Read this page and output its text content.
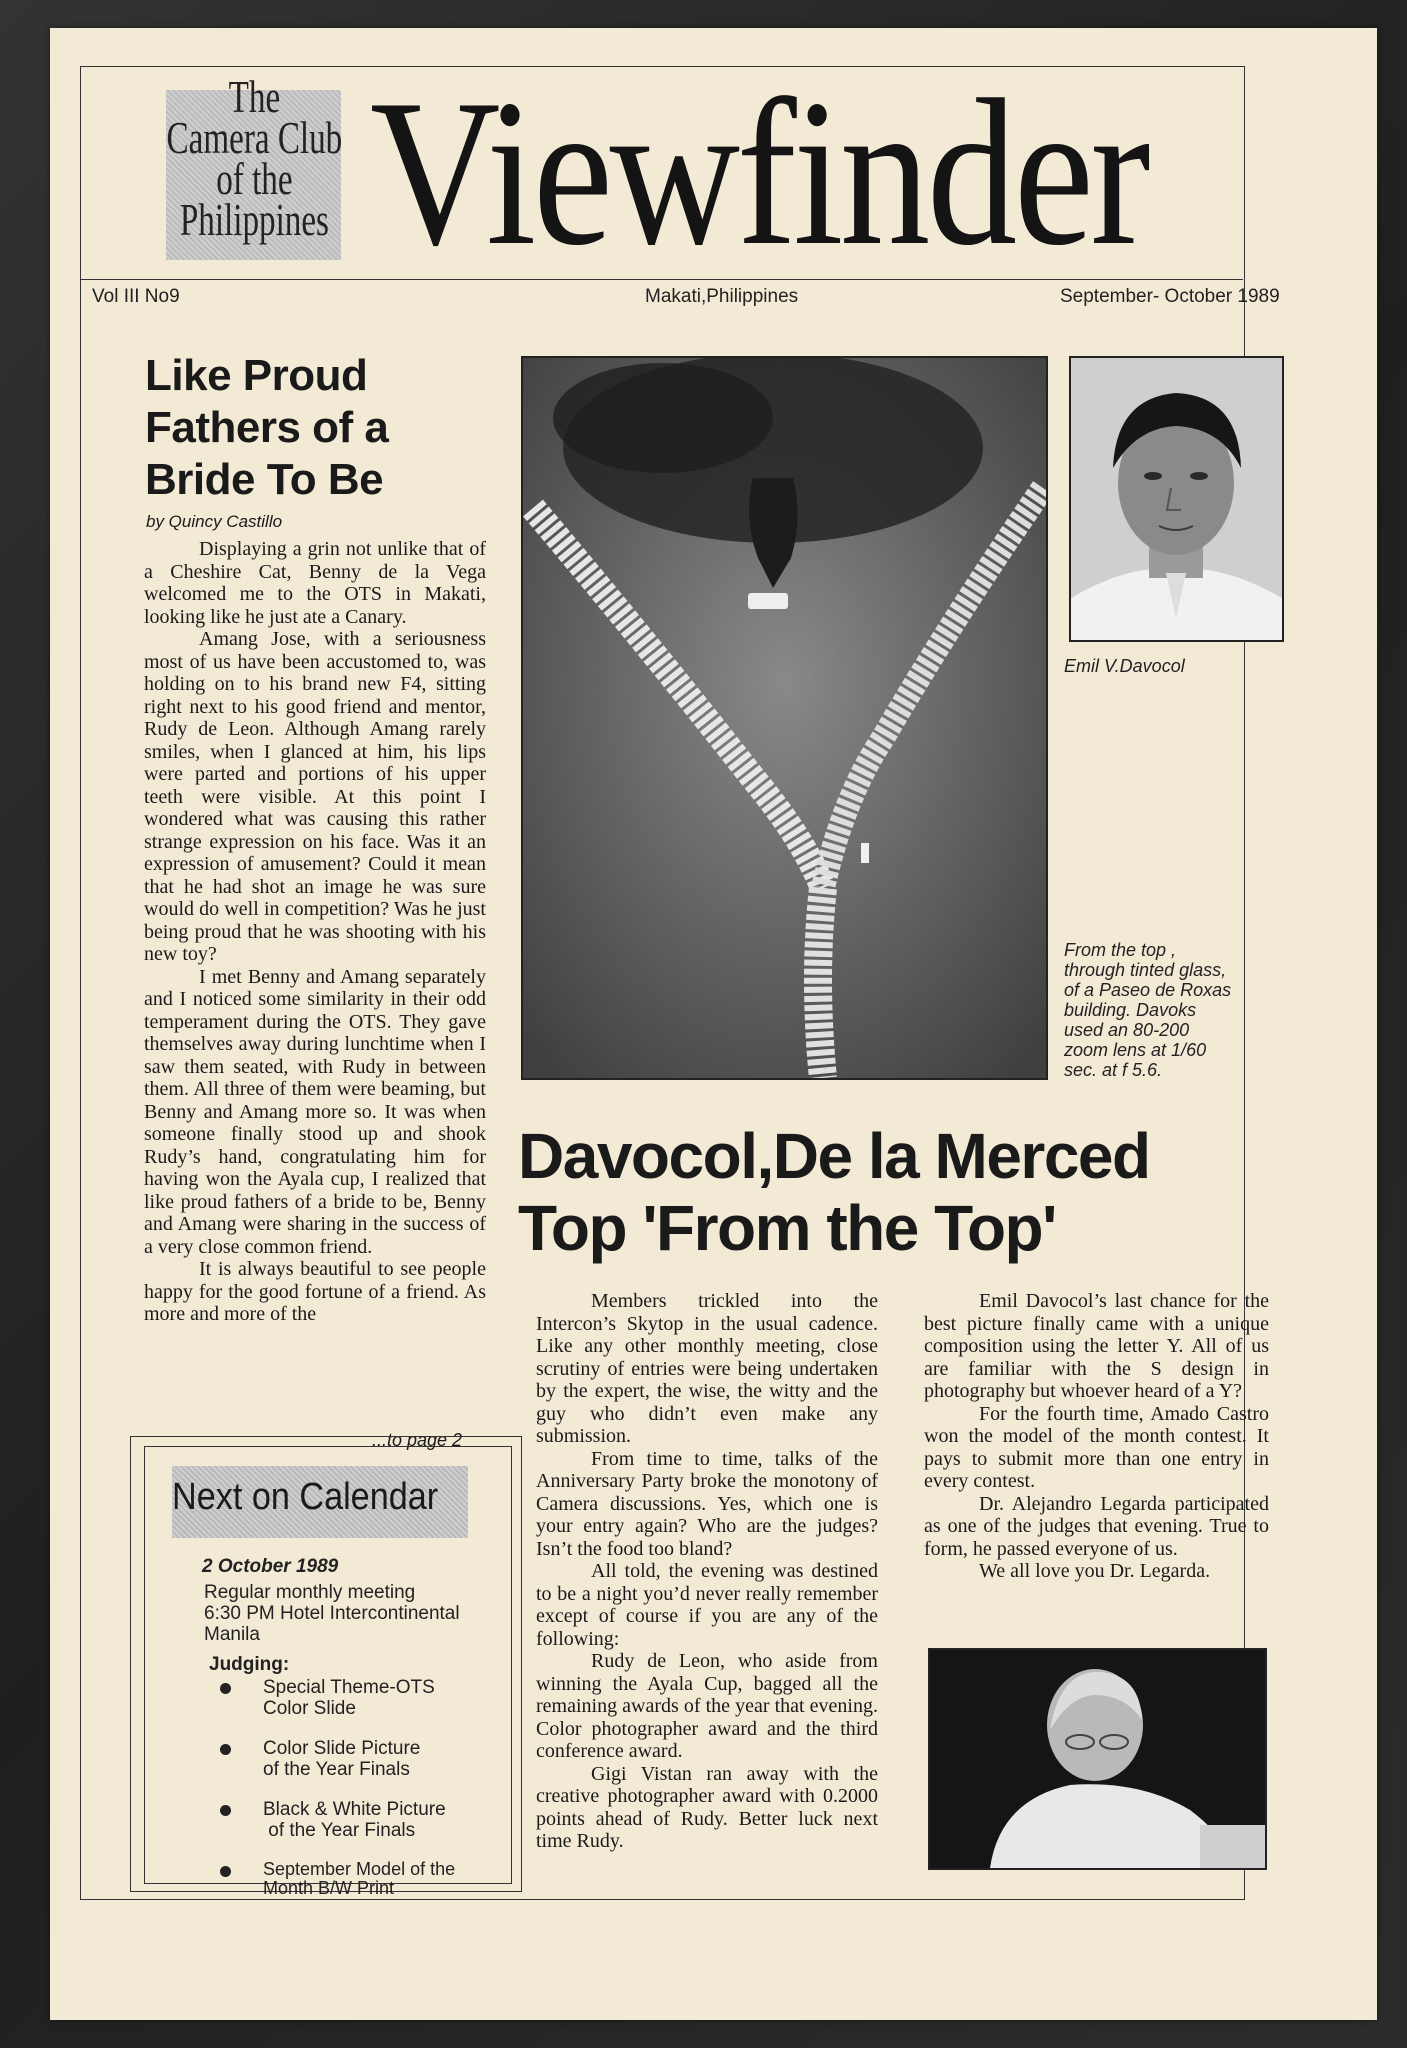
The
Camera Club
of the
Philippines Viewfinder
Vol III No9	Makati,Philippines	September- October 1989
Like Proud
Fathers of a
Bride To Be
by Quincy Castillo

Displaying a grin not unlike that of a Cheshire Cat, Benny de la Vega welcomed me to the OTS in Makati, looking like he just ate a Canary.

Amang Jose, with a seriousness most of us have been accustomed to, was holding on to his brand new F4, sitting right next to his good friend and mentor, Rudy de Leon. Although Amang rarely smiles, when I glanced at him, his lips were parted and portions of his upper teeth were visible. At this point I wondered what was causing this rather strange expression on his face. Was it an expression of amusement? Could it mean that he had shot an image he was sure would do well in competition? Was he just being proud that he was shooting with his new toy?

I met Benny and Amang separately and I noticed some similarity in their odd temperament during the OTS. They gave themselves away during lunchtime when I saw them seated, with Rudy in between them. All three of them were beaming, but Benny and Amang more so. It was when someone finally stood up and shook Rudy’s hand, congratulating him for having won the Ayala cup, I realized that like proud fathers of a bride to be, Benny and Amang were sharing in the success of a very close common friend.

It is always beautiful to see people happy for the good fortune of a friend. As more and more of the

...to page 2
Emil V.Davocol
From the top , through tinted glass, of a Paseo de Roxas building. Davoks used an 80-200 zoom lens at 1/60 sec. at f 5.6.
Davocol,De la Merced
Top 'From the Top'

Members trickled into the Intercon’s Skytop in the usual cadence. Like any other monthly meeting, close scrutiny of entries were being undertaken by the expert, the wise, the witty and the guy who didn’t even make any submission.

From time to time, talks of the Anniversary Party broke the monotony of Camera discussions. Yes, which one is your entry again? Who are the judges? Isn’t the food too bland?

All told, the evening was destined to be a night you’d never really remember except of course if you are any of the following:

Rudy de Leon, who aside from winning the Ayala Cup, bagged all the remaining awards of the year that evening. Color photographer award and the third conference award.

Gigi Vistan ran away with the creative photographer award with 0.2000 points ahead of Rudy. Better luck next time Rudy.

Emil Davocol’s last chance for the best picture finally came with a unique composition using the letter Y. All of us are familiar with the S design in photography but whoever heard of a Y?

For the fourth time, Amado Castro won the model of the month contest. It pays to submit more than one entry in every contest.

Dr. Alejandro Legarda participated as one of the judges that evening. True to form, he passed everyone of us.

We all love you Dr. Legarda.

Next on Calendar
2 October 1989
Regular monthly meeting
6:30 PM Hotel Intercontinental
Manila
Judging:
Special Theme-OTS
Color Slide
Color Slide Picture
of the Year Finals
Black & White Picture
of the Year Finals
September Model of the
Month B/W Print
